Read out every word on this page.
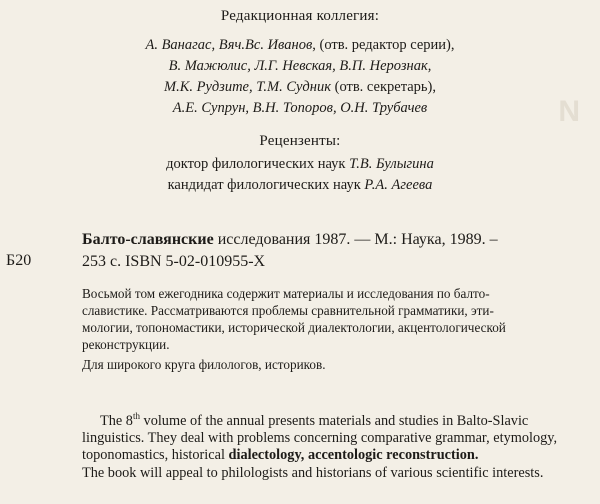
N
Редакционная коллегия:
А. Ванагас, Вяч.Вс. Иванов, (отв. редактор серии),
В. Мажюлис, Л.Г. Невская, В.П. Нерознак,
М.К. Рудзите, Т.М. Судник (отв. секретарь),
А.Е. Супрун, В.Н. Топоров, О.Н. Трубачев
Рецензенты:
доктор филологических наук Т.В. Булыгина
кандидат филологических наук Р.А. Агеева
Балто-славянские исследования 1987. — М.: Наука, 1989. –
Б20	253 с. ISBN 5-02-010955-X
Восьмой том ежегодника содержит материалы и исследования по балто-
славистике. Рассматриваются проблемы сравнительной грамматики, эти-
мологии, топономастики, исторической диалектологии, акцентологической
реконструкции.
Для широкого круга филологов, историков.
The 8th volume of the annual presents materials and studies in Balto-Slavic
linguistics. They deal with problems concerning comparative grammar, etymology,
toponomastics, historical dialectology, accentologic reconstruction.
The book will appeal to philologists and historians of various scientific interests.
